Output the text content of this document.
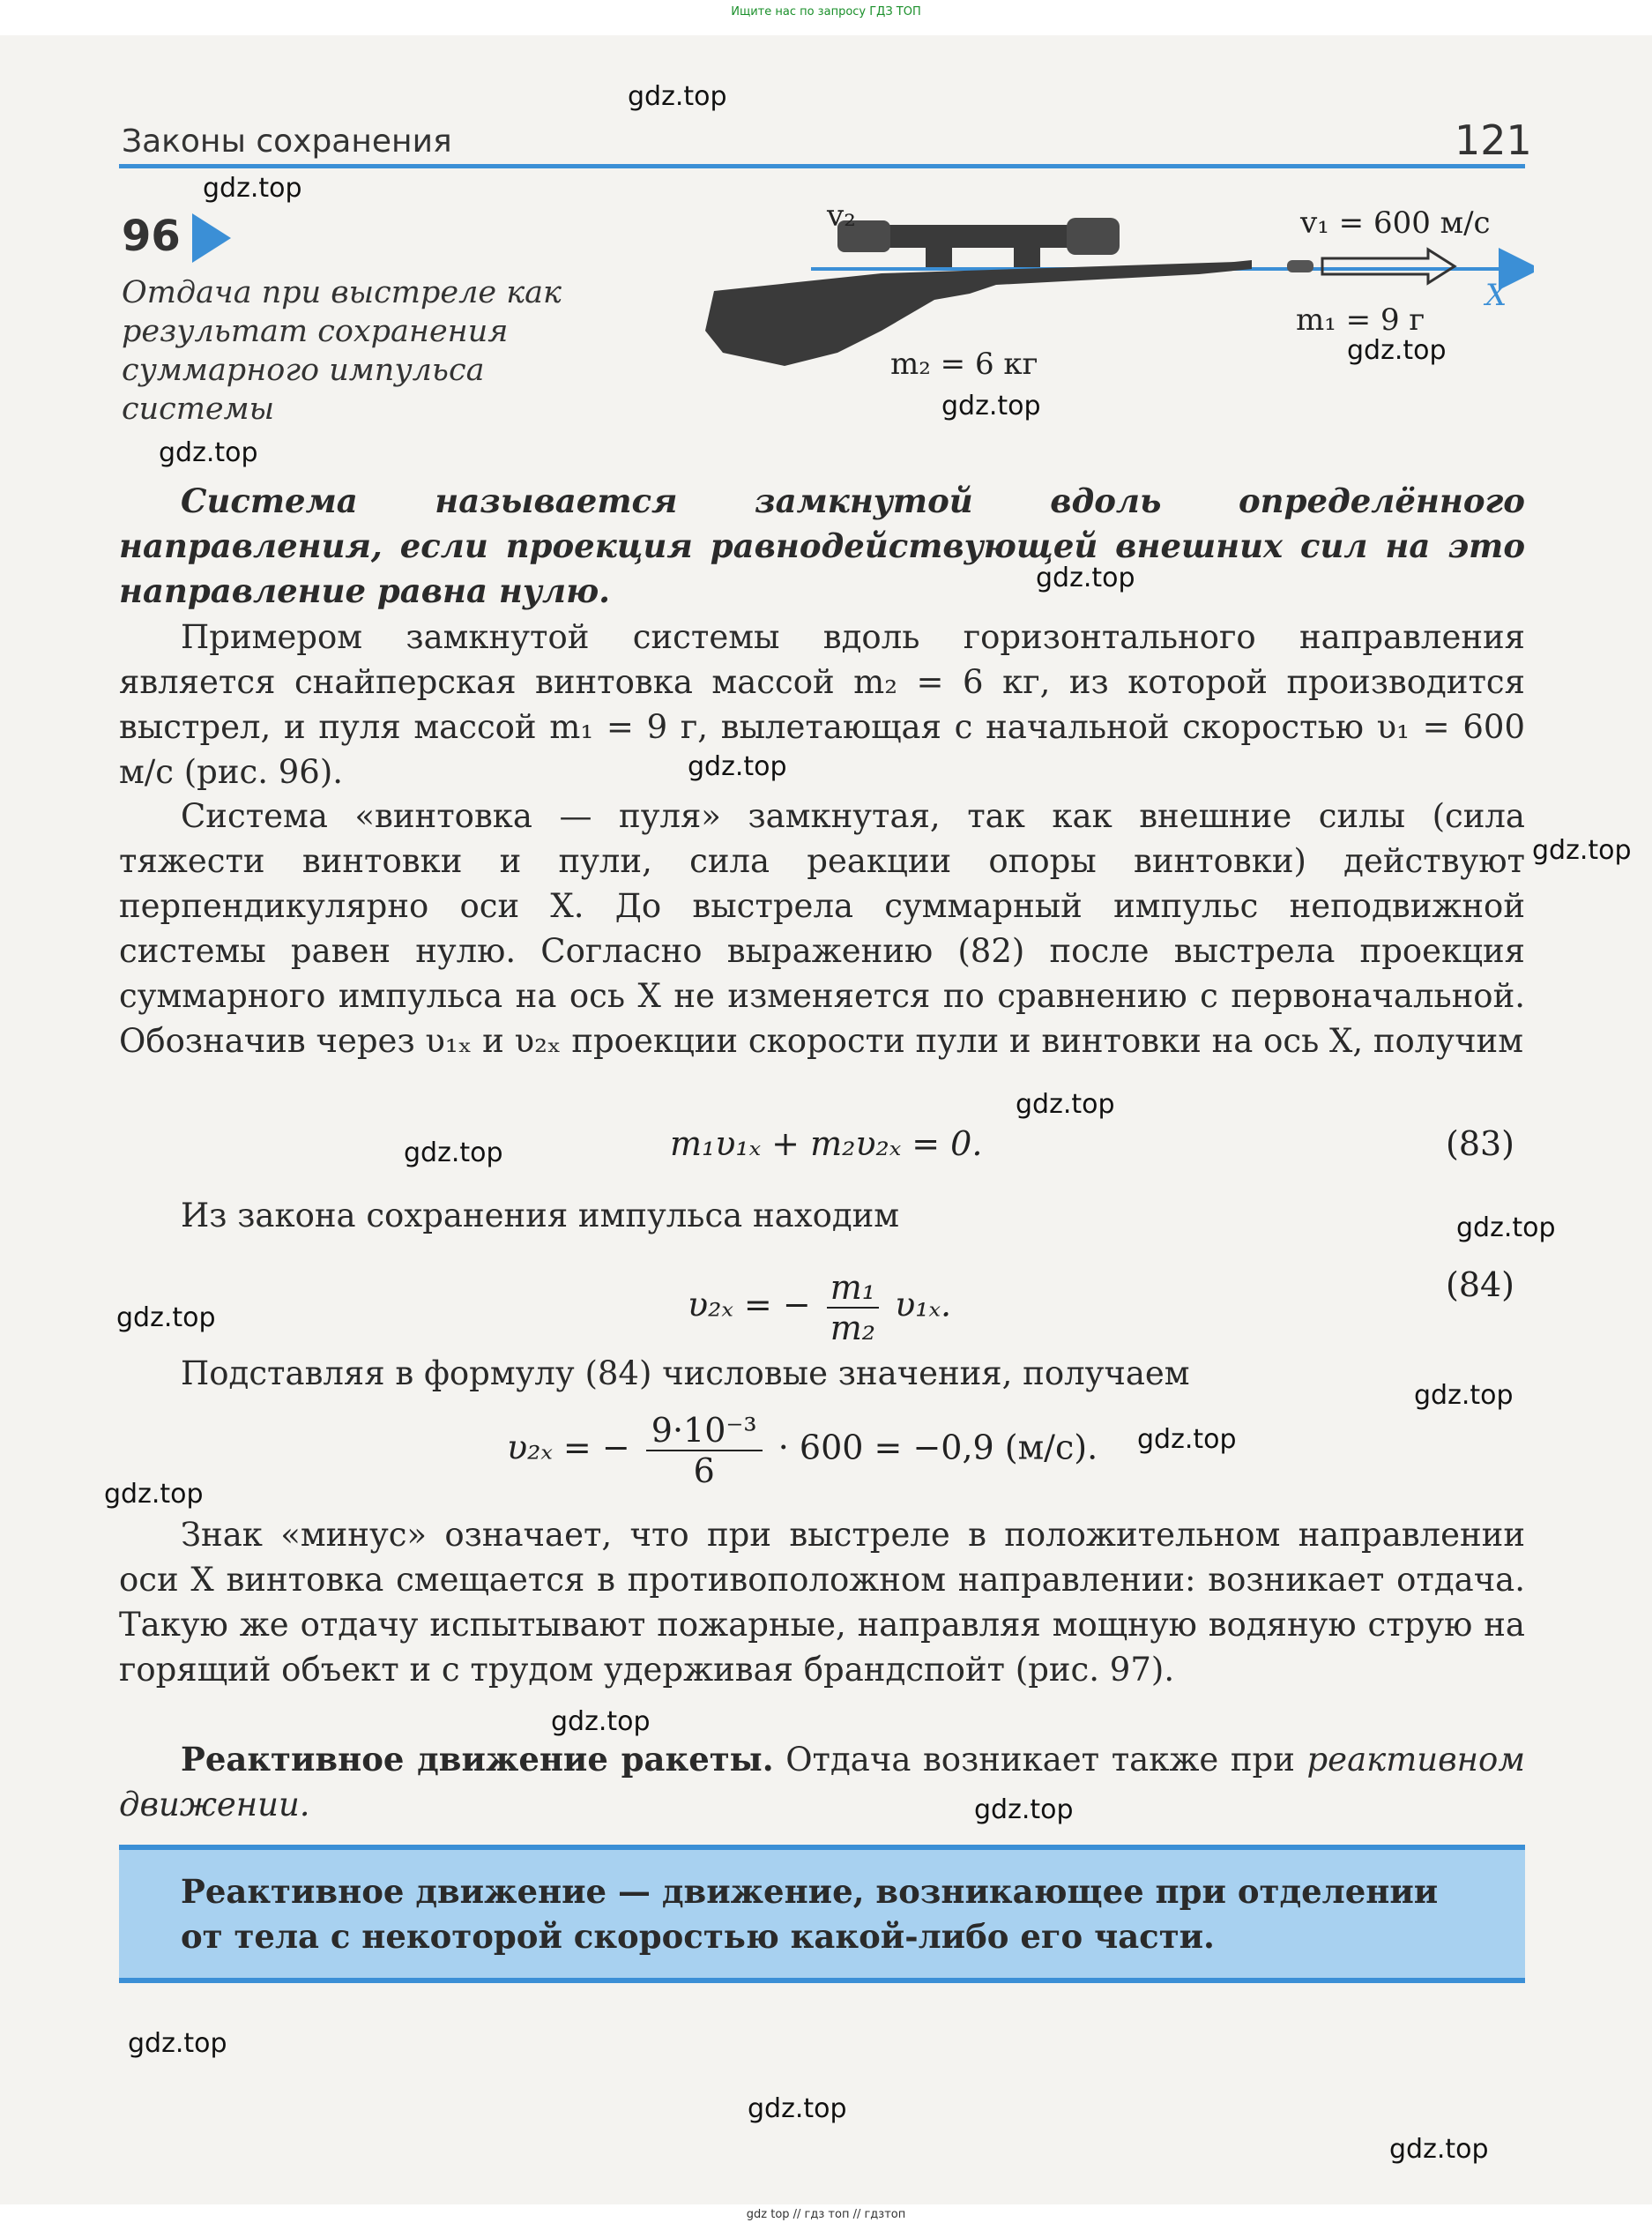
Ищите нас по запросу ГДЗ ТОП
Законы сохранения	121
96
Отдача при выстреле как результат сохранения суммарного импульса системы
v₂	v₁ = 600 м/с
X
m₁ = 9 г
m₂ = 6 кг

Система называется замкнутой вдоль определённого направления, если проекция равнодействующей внешних сил на это направление равна нулю.

Примером замкнутой системы вдоль горизонтального направления является снайперская винтовка массой m₂ = 6 кг, из которой производится выстрел, и пуля массой m₁ = 9 г, вылетающая с начальной скоростью υ₁ = 600 м/с (рис. 96).

Система «винтовка — пуля» замкнутая, так как внешние силы (сила тяжести винтовки и пули, сила реакции опоры винтовки) действуют перпендикулярно оси X. До выстрела суммарный импульс неподвижной системы равен нулю. Согласно выражению (82) после выстрела проекция суммарного импульса на ось X не изменяется по сравнению с первоначальной. Обозначив через υ₁ₓ и υ₂ₓ проекции скорости пули и винтовки на ось X, получим

m₁υ₁ₓ + m₂υ₂ₓ = 0.	(83)

Из закона сохранения импульса находим

υ₂ₓ = − $\frac{\text{m₁}}{\text{m₂}} \upsilon_{1x}$.
(84)

Подставляя в формулу (84) числовые значения, получаем

υ₂ₓ = − $\frac{\text{9·10⁻³}}{6} \cdot 600 = -0,9$ (м/с).

Знак «минус» означает, что при выстреле в положительном направлении оси X винтовка смещается в противоположном направлении: возникает отдача. Такую же отдачу испытывают пожарные, направляя мощную водяную струю на горящий объект и с трудом удерживая брандспойт (рис. 97).

Реактивное движение ракеты. Отдача возникает также при реактивном движении.

Реактивное движение — движение, возникающее при отделении от тела с некоторой скоростью какой-либо его части.

gdz.top
gdz.top
gdz.top
gdz.top
gdz.top
gdz.top
gdz.top
gdz.top
gdz.top
gdz.top
gdz.top
gdz.top
gdz.top
gdz.top
gdz.top
gdz.top
gdz.top
gdz.top
gdz.top
gdz.top
gdz top // гдз топ // гдзтоп
